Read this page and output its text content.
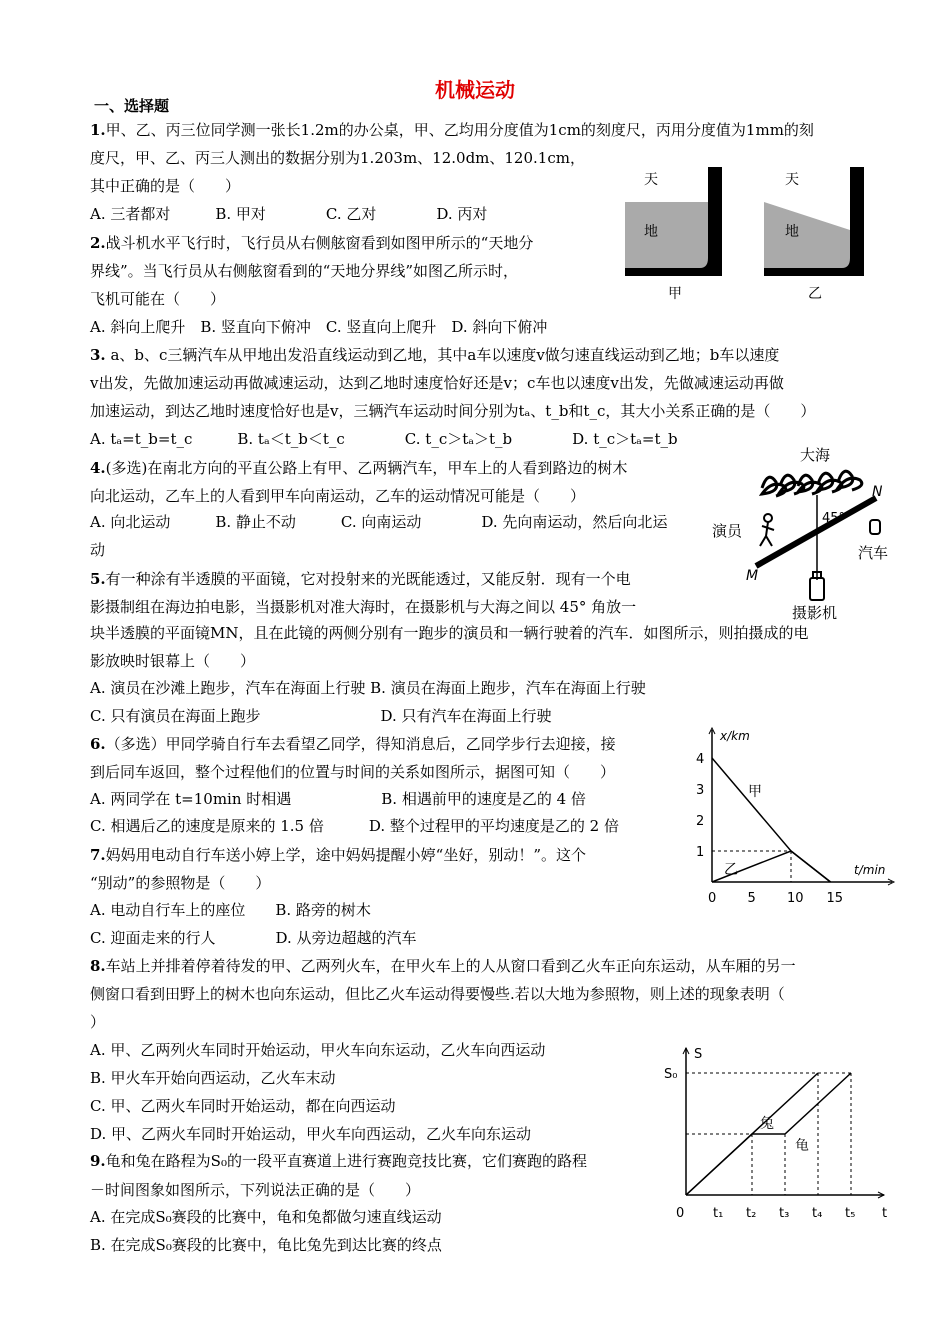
机械运动
一、选择题
1.甲、乙、丙三位同学测一张长1.2m的办公桌，甲、乙均用分度值为1cm的刻度尺，丙用分度值为1mm的刻
度尺，甲、乙、丙三人测出的数据分别为1.203m、12.0dm、120.1cm，
其中正确的是（　　）
A. 三者都对　　　B. 甲对　　　　C. 乙对　　　　D. 丙对
2.战斗机水平飞行时，飞行员从右侧舷窗看到如图甲所示的“天地分
界线”。当飞行员从右侧舷窗看到的“天地分界线”如图乙所示时，
飞机可能在（　　）
A. 斜向上爬升　B. 竖直向下俯冲　C. 竖直向上爬升　D. 斜向下俯冲
3. a、b、c三辆汽车从甲地出发沿直线运动到乙地，其中a车以速度v做匀速直线运动到乙地；b车以速度
v出发，先做加速运动再做减速运动，达到乙地时速度恰好还是v；c车也以速度v出发，先做减速运动再做
加速运动，到达乙地时速度恰好也是v，三辆汽车运动时间分别为tₐ、t_b和t_c，其大小关系正确的是（　　）
A. tₐ=t_b=t_c　　　B. tₐ＜t_b＜t_c　　　　C. t_c＞tₐ＞t_b　　　　D. t_c＞tₐ=t_b
4.(多选)在南北方向的平直公路上有甲、乙两辆汽车，甲车上的人看到路边的树木
向北运动，乙车上的人看到甲车向南运动，乙车的运动情况可能是（　　）
A. 向北运动　　　B. 静止不动　　　C. 向南运动　　　　D. 先向南运动，然后向北运
动
5.有一种涂有半透膜的平面镜，它对投射来的光既能透过，又能反射．现有一个电
影摄制组在海边拍电影，当摄影机对准大海时，在摄影机与大海之间以 45° 角放一
块半透膜的平面镜MN，且在此镜的两侧分别有一跑步的演员和一辆行驶着的汽车．如图所示，则拍摄成的电
影放映时银幕上（　　）
A. 演员在沙滩上跑步，汽车在海面上行驶 B. 演员在海面上跑步，汽车在海面上行驶
C. 只有演员在海面上跑步　　　　　　　　D. 只有汽车在海面上行驶
6.（多选）甲同学骑自行车去看望乙同学，得知消息后，乙同学步行去迎接，接
到后同车返回，整个过程他们的位置与时间的关系如图所示，据图可知（　　）
A. 两同学在 t=10min 时相遇　　　　　　B. 相遇前甲的速度是乙的 4 倍
C. 相遇后乙的速度是原来的 1.5 倍　　　D. 整个过程甲的平均速度是乙的 2 倍
7.妈妈用电动自行车送小婷上学，途中妈妈提醒小婷“坐好，别动！”。这个
“别动”的参照物是（　　）
A. 电动自行车上的座位　　B. 路旁的树木
C. 迎面走来的行人　　　　D. 从旁边超越的汽车
8.车站上并排着停着待发的甲、乙两列火车，在甲火车上的人从窗口看到乙火车正向东运动，从车厢的另一
侧窗口看到田野上的树木也向东运动，但比乙火车运动得要慢些.若以大地为参照物，则上述的现象表明（
）
A. 甲、乙两列火车同时开始运动，甲火车向东运动，乙火车向西运动
B. 甲火车开始向西运动，乙火车末动
C. 甲、乙两火车同时开始运动，都在向西运动
D. 甲、乙两火车同时开始运动，甲火车向西运动，乙火车向东运动
9.龟和兔在路程为S₀的一段平直赛道上进行赛跑竞技比赛，它们赛跑的路程
－时间图象如图所示，下列说法正确的是（　　）
A. 在完成S₀赛段的比赛中，龟和兔都做匀速直线运动
B. 在完成S₀赛段的比赛中，龟比兔先到达比赛的终点
天
地
甲
天
地
乙
大海
M
N
45°
演员
汽车
摄影机
x/km
t/min
0 5 10 15
1
2
3
4
甲
乙
S
0 t₁ t₂ t₃ t₄ t₅ t
S₀
兔
龟
